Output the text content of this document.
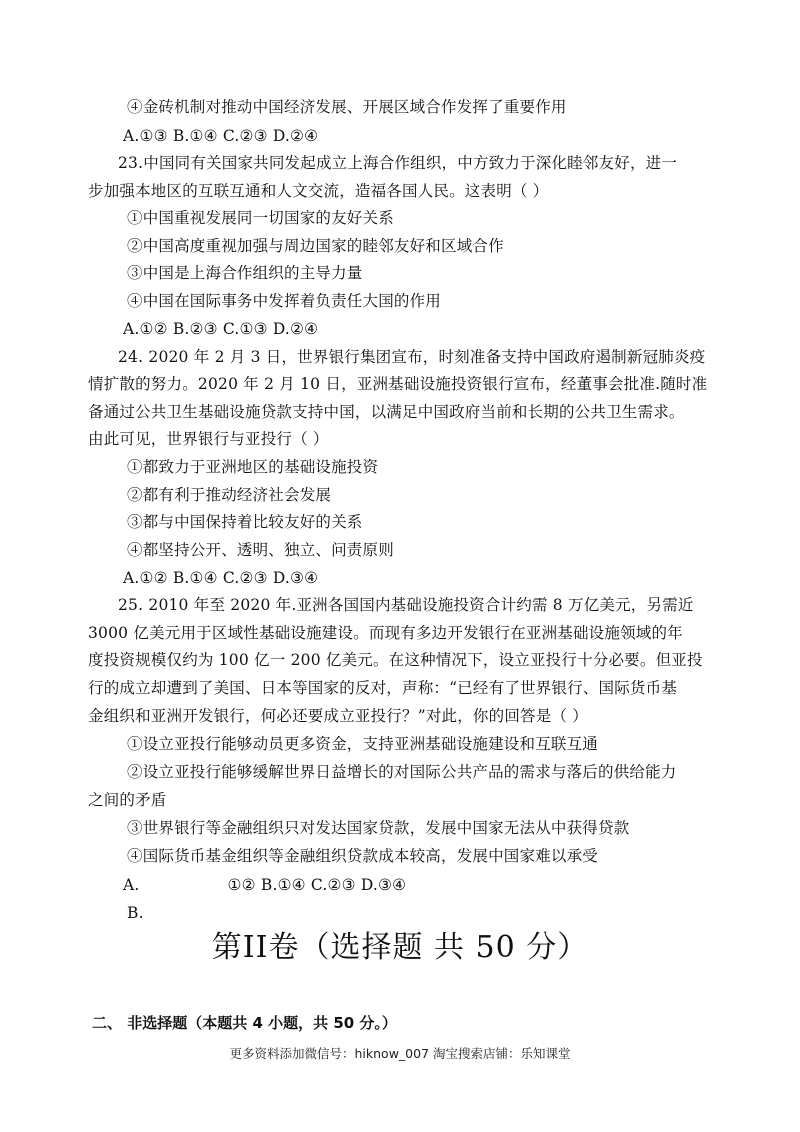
④金砖机制对推动中国经济发展、开展区域合作发挥了重要作用
A.①③ B.①④ C.②③ D.②④
23.中国同有关国家共同发起成立上海合作组织，中方致力于深化睦邻友好，进一
步加强本地区的互联互通和人文交流，造福各国人民。这表明（ ）
①中国重视发展同一切国家的友好关系
②中国高度重视加强与周边国家的睦邻友好和区域合作
③中国是上海合作组织的主导力量
④中国在国际事务中发挥着负责任大国的作用
A.①② B.②③ C.①③ D.②④
24. 2020 年 2 月 3 日，世界银行集团宣布，时刻准备支持中国政府遏制新冠肺炎疫
情扩散的努力。2020 年 2 月 10 日，亚洲基础设施投资银行宣布，经董事会批准.随时准
备通过公共卫生基础设施贷款支持中国，以满足中国政府当前和长期的公共卫生需求。
由此可见，世界银行与亚投行（ ）
①都致力于亚洲地区的基础设施投资
②都有利于推动经济社会发展
③都与中国保持着比较友好的关系
④都坚持公开、透明、独立、问责原则
A.①② B.①④ C.②③ D.③④
25. 2010 年至 2020 年.亚洲各国国内基础设施投资合计约需 8 万亿美元，另需近
3000 亿美元用于区域性基础设施建设。而现有多边开发银行在亚洲基础设施领域的年
度投资规模仅约为 100 亿一 200 亿美元。在这种情况下，设立亚投行十分必要。但亚投
行的成立却遭到了美国、日本等国家的反对，声称：“已经有了世界银行、国际货币基
金组织和亚洲开发银行，何必还要成立亚投行？”对此，你的回答是（ ）
①设立亚投行能够动员更多资金，支持亚洲基础设施建设和互联互通
②设立亚投行能够缓解世界日益增长的对国际公共产品的需求与落后的供给能力
之间的矛盾
③世界银行等金融组织只对发达国家贷款，发展中国家无法从中获得贷款
④国际货币基金组织等金融组织贷款成本较高，发展中国家难以承受
A.	①② B.①④ C.②③ D.③④
B.
第II卷（选择题 共 50 分）
二、 非选择题（本题共 4 小题，共 50 分。）
更多资料添加微信号：hiknow_007 淘宝搜索店铺：乐知课堂
